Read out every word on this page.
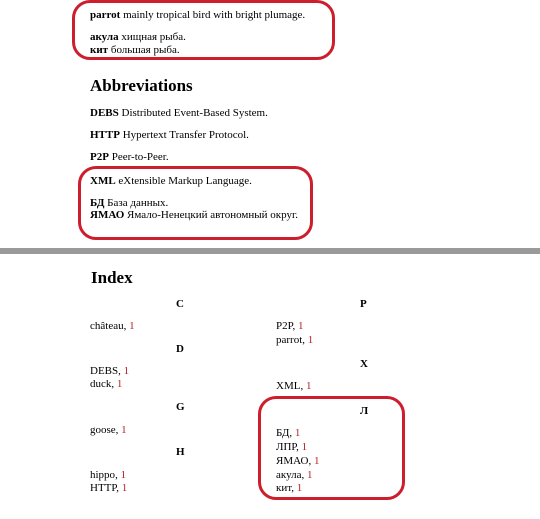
parrot mainly tropical bird with bright plumage.
акула хищная рыба.
кит большая рыба.
Abbreviations
DEBS Distributed Event-Based System.
HTTP Hypertext Transfer Protocol.
P2P Peer-to-Peer.
XML eXtensible Markup Language.
БД База данных.
ЯМАО Ямало-Ненецкий автономный округ.
Index
C
château, 1
D
DEBS, 1
duck, 1
G
goose, 1
H
hippo, 1
HTTP, 1
P
P2P, 1
parrot, 1
X
XML, 1
Л
БД, 1
ЛПР, 1
ЯМАО, 1
акула, 1
кит, 1
